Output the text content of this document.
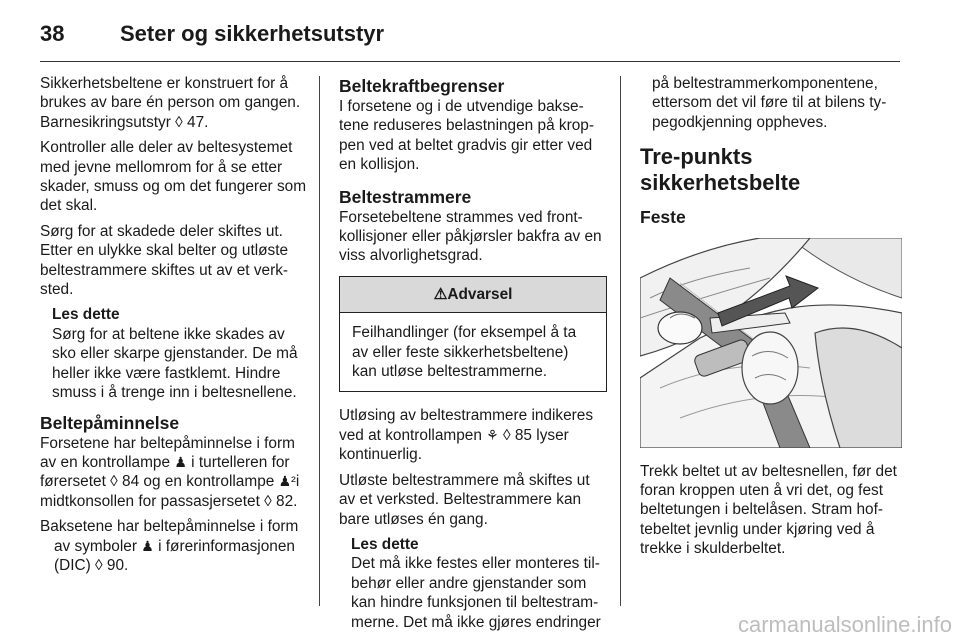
38	Seter og sikkerhetsutstyr

Sikkerhetsbeltene er konstruert for å brukes av bare én person om gangen. Barnesikringsutstyr ◊ 47.

Kontroller alle deler av beltesystemet med jevne mellomrom for å se etter skader, smuss og om det fungerer som det skal.

Sørg for at skadede deler skiftes ut. Etter en ulykke skal belter og utløste beltestrammere skiftes ut av et verksted.

Les dette
Sørg for at beltene ikke skades av sko eller skarpe gjenstander. De må heller ikke være fastklemt. Hindre smuss i å trenge inn i beltesnellene.
Beltepåminnelse

Forsetene har beltepåminnelse i form av en kontrollampe ♟ i turtelleren for førersetet ◊ 84 og en kontrollampe ♟²i midtkonsollen for passasjersetet ◊ 82.

Baksetene har beltepåminnelse i form av symboler ♟ i førerinformasjonen (DIC) ◊ 90.

Beltekraftbegrenser

I forsetene og i de utvendige baksetene reduseres belastningen på kroppen ved at beltet gradvis gir etter ved en kollisjon.

Beltestrammere

Forsetebeltene strammes ved frontkollisjoner eller påkjørsler bakfra av en viss alvorlighetsgrad.

⚠Advarsel
Feilhandlinger (for eksempel å ta av eller feste sikkerhetsbeltene) kan utløse beltestrammerne.

Utløsing av beltestrammere indikeres ved at kontrollampen ⚘ ◊ 85 lyser kontinuerlig.

Utløste beltestrammere må skiftes ut av et verksted. Beltestrammere kan bare utløses én gang.

Les dette
Det må ikke festes eller monteres tilbehør eller andre gjenstander som kan hindre funksjonen til beltestrammerne. Det må ikke gjøres endringer

på beltestrammerkomponentene, ettersom det vil føre til at bilens typegodkjenning oppheves.

Tre-punkts sikkerhetsbelte
Feste

Trekk beltet ut av beltesnellen, før det foran kroppen uten å vri det, og fest beltetungen i beltelåsen. Stram hoftebeltet jevnlig under kjøring ved å trekke i skulderbeltet.

carmanualsonline.info
